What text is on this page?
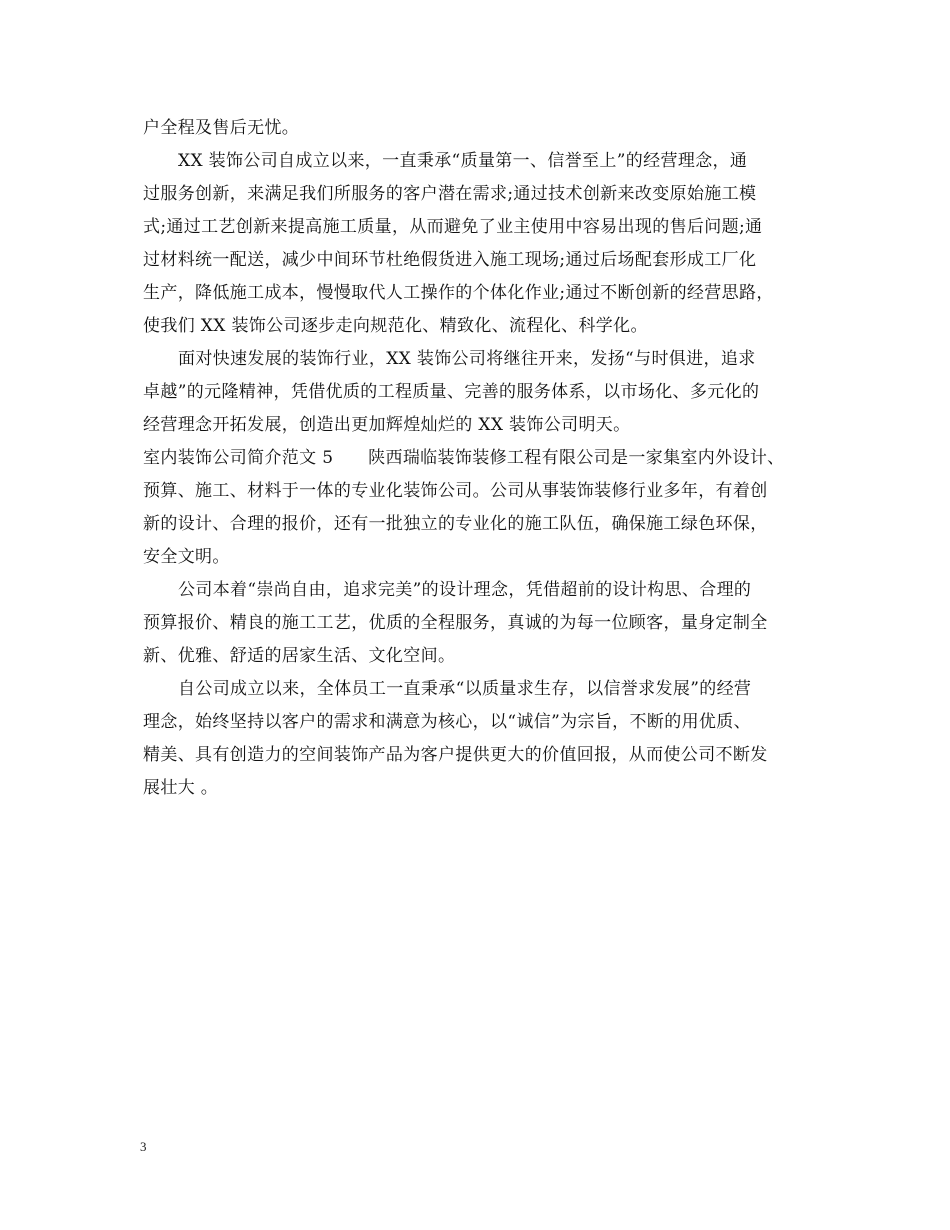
户全程及售后无忧。
XX 装饰公司自成立以来，一直秉承“质量第一、信誉至上”的经营理念，通
过服务创新，来满足我们所服务的客户潜在需求;通过技术创新来改变原始施工模
式;通过工艺创新来提高施工质量，从而避免了业主使用中容易出现的售后问题;通
过材料统一配送，减少中间环节杜绝假货进入施工现场;通过后场配套形成工厂化
生产，降低施工成本，慢慢取代人工操作的个体化作业;通过不断创新的经营思路，
使我们 XX 装饰公司逐步走向规范化、精致化、流程化、科学化。
面对快速发展的装饰行业，XX 装饰公司将继往开来，发扬“与时俱进，追求
卓越”的元隆精神，凭借优质的工程质量、完善的服务体系，以市场化、多元化的
经营理念开拓发展，创造出更加辉煌灿烂的 XX 装饰公司明天。
室内装饰公司简介范文 5　　陕西瑞临装饰装修工程有限公司是一家集室内外设计、
预算、施工、材料于一体的专业化装饰公司。公司从事装饰装修行业多年，有着创
新的设计、合理的报价，还有一批独立的专业化的施工队伍，确保施工绿色环保，
安全文明。
公司本着“崇尚自由，追求完美”的设计理念，凭借超前的设计构思、合理的
预算报价、精良的施工工艺，优质的全程服务，真诚的为每一位顾客，量身定制全
新、优雅、舒适的居家生活、文化空间。
自公司成立以来，全体员工一直秉承“以质量求生存，以信誉求发展”的经营
理念，始终坚持以客户的需求和满意为核心，以“诚信”为宗旨，不断的用优质、
精美、具有创造力的空间装饰产品为客户提供更大的价值回报，从而使公司不断发
展壮大 。
3
